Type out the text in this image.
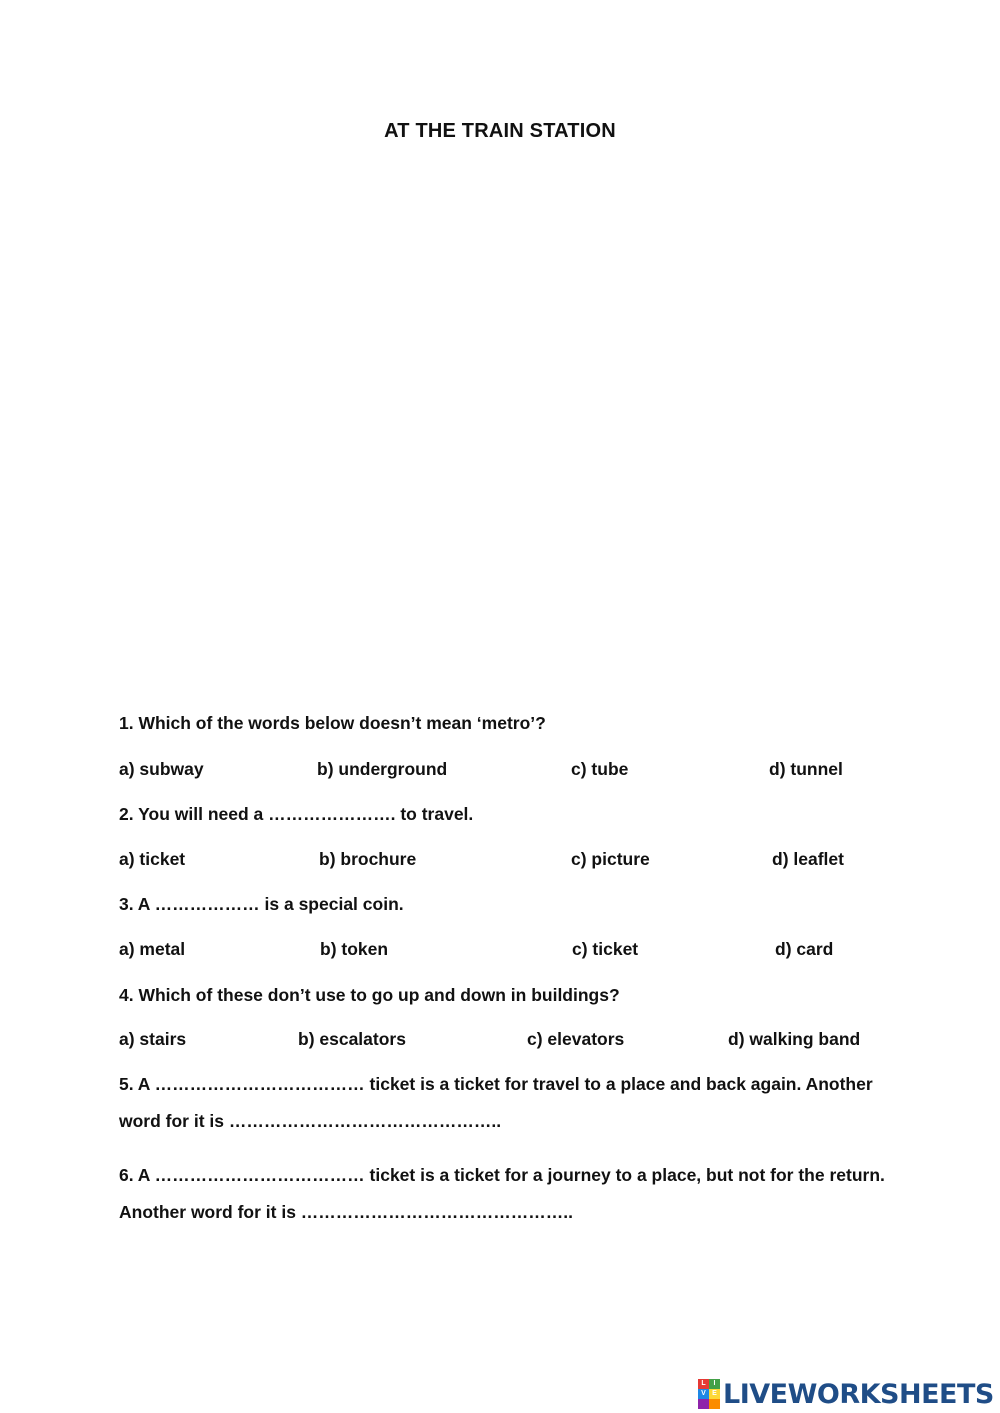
AT THE TRAIN STATION
1. Which of the words below doesn’t mean ‘metro’?
a) subway	b) underground	c) tube	d) tunnel
2. You will need a …………………. to travel.
a) ticket	b) brochure	c) picture	d) leaflet
3. A ……………… is a special coin.
a) metal	b) token	c) ticket	d) card
4. Which of these don’t use to go up and down in buildings?
a) stairs	b) escalators	c) elevators	d) walking band
5. A ……………………………… ticket is a ticket for travel to a place and back again. Another
word for it is ………………………………………..
6. A ……………………………… ticket is a ticket for a journey to a place, but not for the return.
Another word for it is ………………………………………..
L	I
V E LIVEWORKSHEETS
